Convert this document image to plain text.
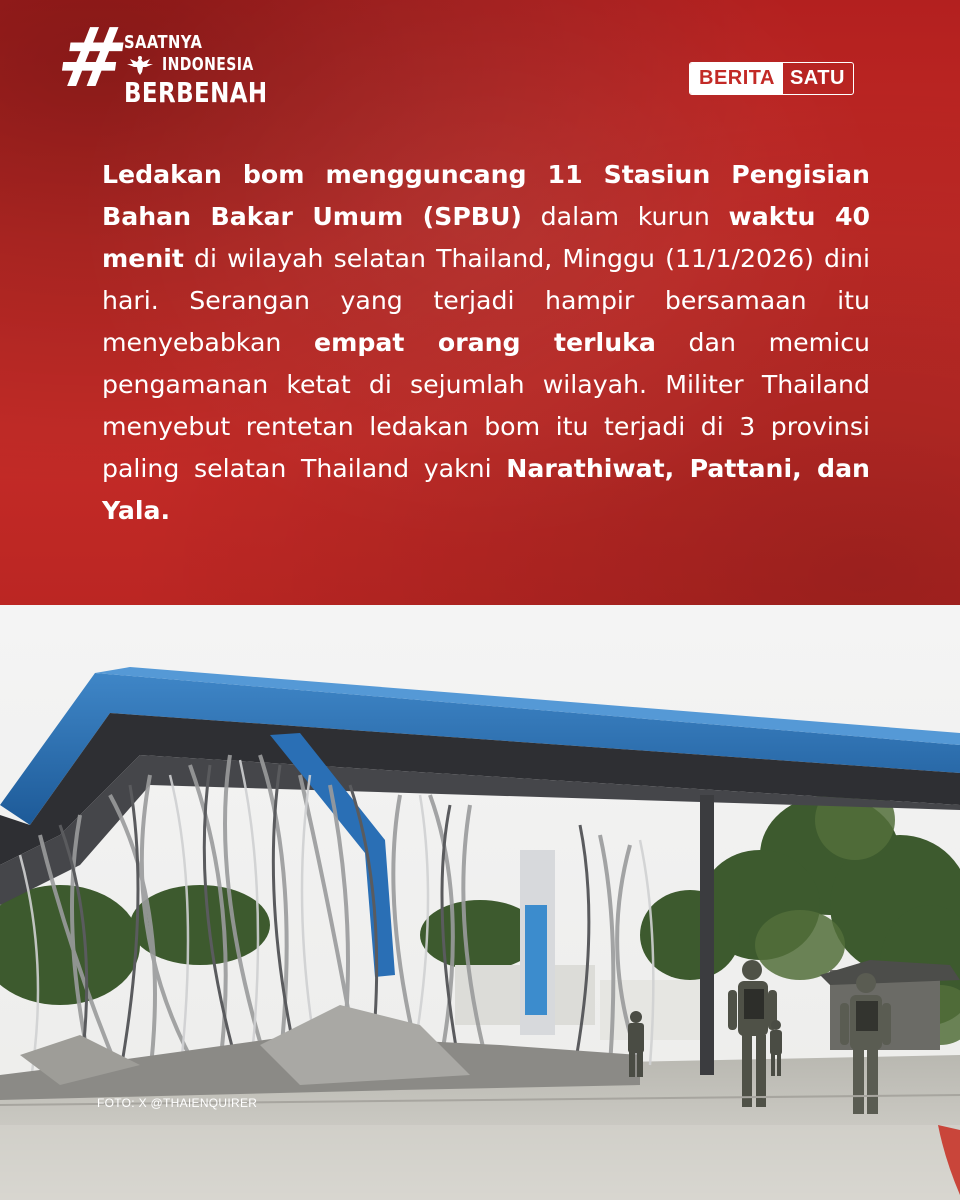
#
SAATNYA
INDONESIA
BERBENAH	BERITA SATU

Ledakan bom mengguncang 11 Stasiun Pengisian Bahan Bakar Umum (SPBU) dalam kurun waktu 40 menit di wilayah selatan Thailand, Minggu (11/1/2026) dini hari. Serangan yang terjadi hampir bersamaan itu menyebabkan empat orang terluka dan memicu pengamanan ketat di sejumlah wilayah. Militer Thailand menyebut rentetan ledakan bom itu terjadi di 3 provinsi paling selatan Thailand yakni Narathiwat, Pattani, dan Yala.

FOTO: X @THAIENQUIRER
